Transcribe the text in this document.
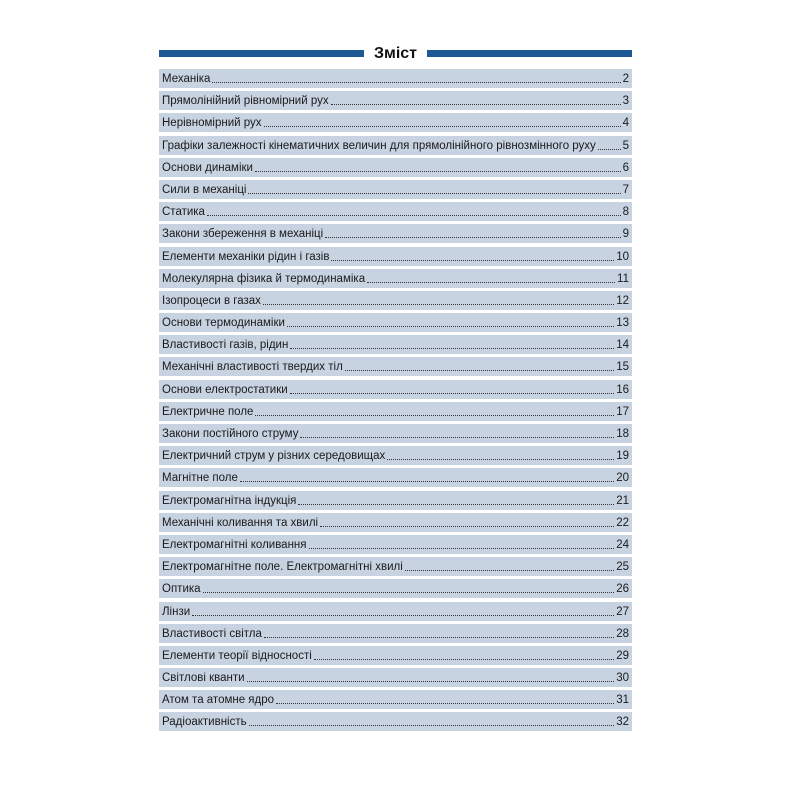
Зміст
Механіка	2
Прямолінійний рівномірний рух	3
Нерівномірний рух	4
Графіки залежності кінематичних величин для прямолінійного рівнозмінного руху 5
Основи динаміки	6
Сили в механіці	7
Статика	8
Закони збереження в механіці	9
Елементи механіки рідин і газів	10
Молекулярна фізика й термодинаміка	11
Ізопроцеси в газах	12
Основи термодинаміки	13
Властивості газів, рідин	14
Механічні властивості твердих тіл	15
Основи електростатики	16
Електричне поле	17
Закони постійного струму	18
Електричний струм у різних середовищах	19
Магнітне поле	20
Електромагнітна індукція	21
Механічні коливання та хвилі	22
Електромагнітні коливання	24
Електромагнітне поле. Електромагнітні хвилі	25
Оптика	26
Лінзи	27
Властивості світла	28
Елементи теорії відносності	29
Світлові кванти	30
Атом та атомне ядро	31
Радіоактивність	32
